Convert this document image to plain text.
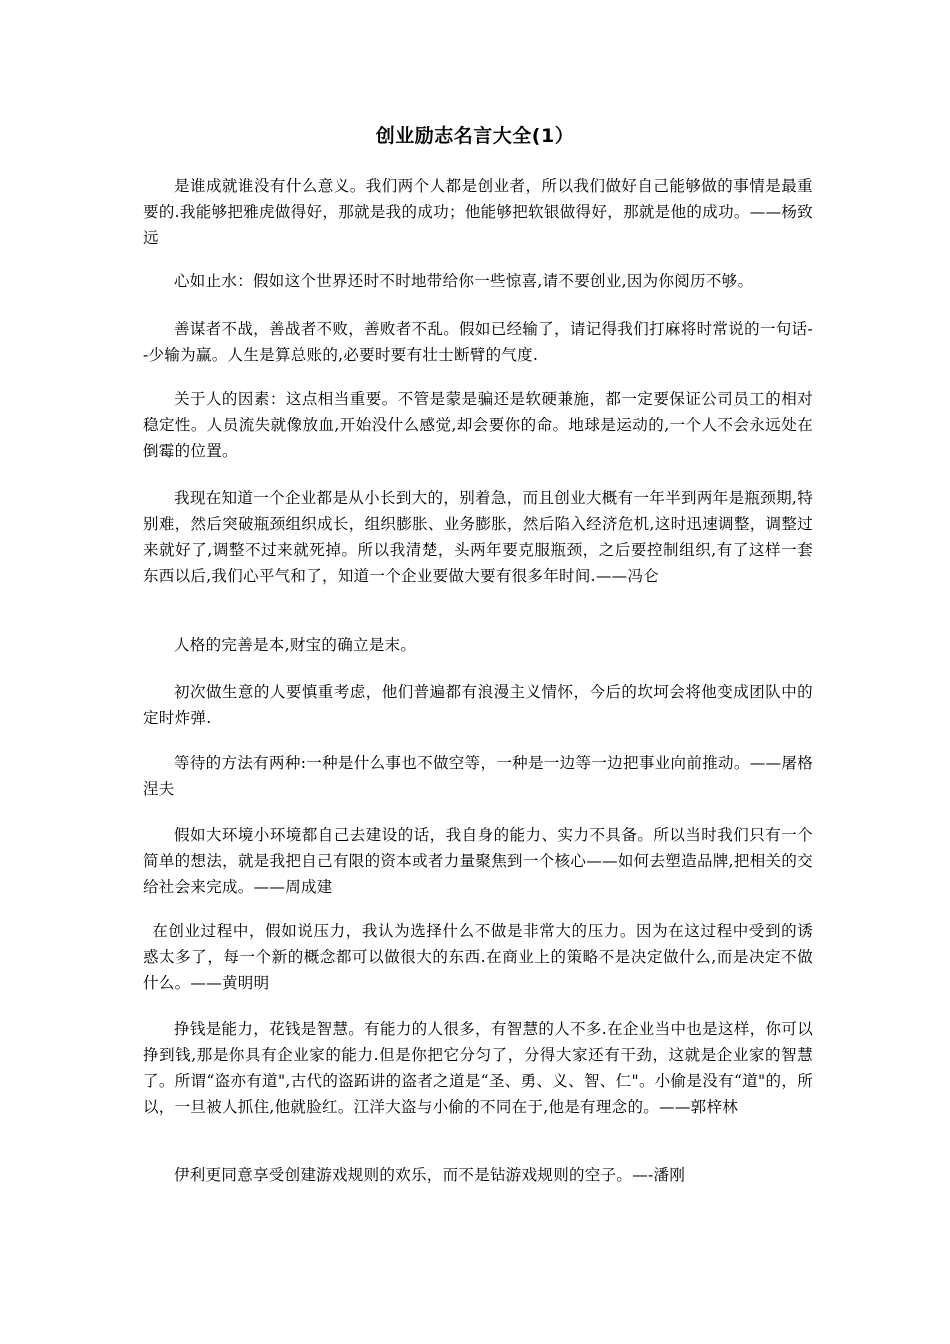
创业励志名言大全(1）

是谁成就谁没有什么意义。我们两个人都是创业者，所以我们做好自己能够做的事情是最重要的.我能够把雅虎做得好，那就是我的成功；他能够把软银做得好，那就是他的成功。——杨致远

心如止水：假如这个世界还时不时地带给你一些惊喜,请不要创业,因为你阅历不够。

善谋者不战，善战者不败，善败者不乱。假如已经输了，请记得我们打麻将时常说的一句话--少输为赢。人生是算总账的,必要时要有壮士断臂的气度.

关于人的因素：这点相当重要。不管是蒙是骗还是软硬兼施，都一定要保证公司员工的相对稳定性。人员流失就像放血,开始没什么感觉,却会要你的命。地球是运动的,一个人不会永远处在倒霉的位置。

我现在知道一个企业都是从小长到大的，别着急，而且创业大概有一年半到两年是瓶颈期,特别难，然后突破瓶颈组织成长，组织膨胀、业务膨胀，然后陷入经济危机,这时迅速调整，调整过来就好了,调整不过来就死掉。所以我清楚，头两年要克服瓶颈，之后要控制组织,有了这样一套东西以后,我们心平气和了，知道一个企业要做大要有很多年时间.——冯仑

人格的完善是本,财宝的确立是末。

初次做生意的人要慎重考虑，他们普遍都有浪漫主义情怀，今后的坎坷会将他变成团队中的定时炸弹.

等待的方法有两种:一种是什么事也不做空等，一种是一边等一边把事业向前推动。——屠格涅夫

假如大环境小环境都自己去建设的话，我自身的能力、实力不具备。所以当时我们只有一个简单的想法，就是我把自己有限的资本或者力量聚焦到一个核心——如何去塑造品牌,把相关的交给社会来完成。——周成建

在创业过程中，假如说压力，我认为选择什么不做是非常大的压力。因为在这过程中受到的诱惑太多了，每一个新的概念都可以做很大的东西.在商业上的策略不是决定做什么,而是决定不做什么。——黄明明

挣钱是能力，花钱是智慧。有能力的人很多，有智慧的人不多.在企业当中也是这样，你可以挣到钱,那是你具有企业家的能力.但是你把它分匀了，分得大家还有干劲，这就是企业家的智慧了。所谓“盗亦有道",古代的盗跖讲的盗者之道是“圣、勇、义、智、仁"。小偷是没有“道"的，所以，一旦被人抓住,他就脸红。江洋大盗与小偷的不同在于,他是有理念的。——郭梓林

伊利更同意享受创建游戏规则的欢乐，而不是钻游戏规则的空子。—-潘刚
